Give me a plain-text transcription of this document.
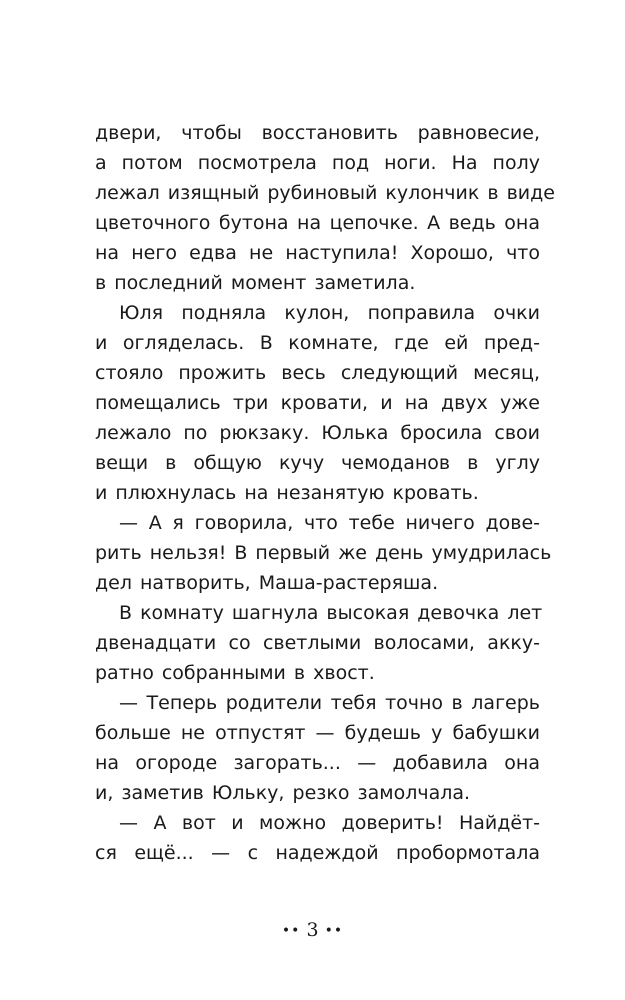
двери, чтобы восстановить равновесие,
а потом посмотрела под ноги. На полу
лежал изящный рубиновый кулончик в виде
цветочного бутона на цепочке. А ведь она
на него едва не наступила! Хорошо, что
в последний момент заметила.
Юля подняла кулон, поправила очки
и огляделась. В комнате, где ей пред-
стояло прожить весь следующий месяц,
помещались три кровати, и на двух уже
лежало по рюкзаку. Юлька бросила свои
вещи в общую кучу чемоданов в углу
и плюхнулась на незанятую кровать.
— А я говорила, что тебе ничего дове-
рить нельзя! В первый же день умудрилась
дел натворить, Маша-растеряша.
В комнату шагнула высокая девочка лет
двенадцати со светлыми волосами, акку-
ратно собранными в хвост.
— Теперь родители тебя точно в лагерь
больше не отпустят — будешь у бабушки
на огороде загорать... — добавила она
и, заметив Юльку, резко замолчала.
— А вот и можно доверить! Найдёт-
ся ещё... — с надеждой пробормотала
•• 3 ••
